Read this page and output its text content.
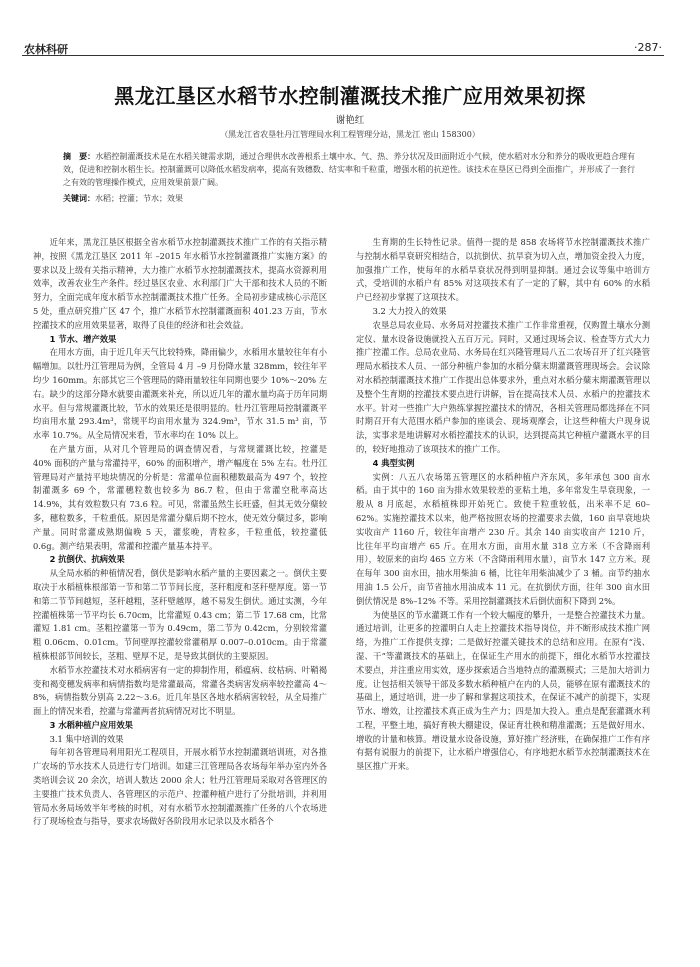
农林科研	·287·
黑龙江垦区水稻节水控制灌溉技术推广应用效果初探
谢艳红
（黑龙江省农垦牡丹江管理局水利工程管理分站，黑龙江 密山 158300）
摘　要：水稻控制灌溉技术是在水稻关键需求期，通过合理供水改善根系土壤中水、气、热、养分状况及田面附近小气候，使水稻对水分和养分的吸收更趋合理有效，促进和控制水稻生长。控制灌溉可以降低水稻发病率，提高有效穗数、结实率和千粒重，增强水稻的抗逆性。该技术在垦区已得到全面推广，并形成了一套行之有效的管理操作模式，应用效果前景广阔。
关键词：水稻；控灌；节水；效果

近年来，黑龙江垦区根据全省水稻节水控制灌溉技术推广工作的有关指示精神，按照《黑龙江垦区 2011 年 –2015 年水稻节水控制灌溉推广实施方案》的要求以及上级有关指示精神，大力推广水稻节水控制灌溉技术，提高水资源利用效率，改善农业生产条件。经过垦区农业、水利部门广大干部和技术人员的不断努力，全面完成年度水稻节水控制灌溉技术推广任务。全局初步建成核心示范区 5 处，重点研究推广区 47 个，推广水稻节水控制灌溉面积 401.23 万亩，节水控灌技术的应用效果显著，取得了良佳的经济和社会效益。

1 节水、增产效果

在用水方面，由于近几年天气比较特殊，降雨偏少，水稻用水量较往年有小幅增加。以牡丹江管理局为例，全管局 4 月 –9 月份降水量 328mm，较往年平均少 160mm。东部其它三个管理局的降雨量较往年同期也要少 10%～20% 左右。缺少的这部分降水就要由灌溉来补充，所以近几年的灌水量均高于历年同期水平。但与常规灌溉比较，节水的效果还是很明显的。牡丹江管理局控制灌溉平均亩用水量 293.4m³，常规平均亩用水量为 324.9m³，节水 31.5 m³ 亩，节水率 10.7%。从全局情况来看，节水率均在 10% 以上。

在产量方面，从对几个管理局的调查情况看，与常规灌溉比较，控灌是 40% 面积的产量与常灌持平，60% 的面积增产，增产幅度在 5% 左右。牡丹江管理局对产量持平地块情况的分析是：常灌单位面积穗数最高为 497 个，较控制灌溉多 69 个，常灌穗粒数也较多为 86.7 粒，但由于常灌空秕率高达 14.9%，其有效粒数只有 73.6 粒。可见，常灌虽然生长旺盛，但其无效分蘖较多，穗粒数多，千粒重低。原因是常灌分蘖后期不控水，使无效分蘖过多，影响产量。同时常灌成熟期偏晚 5 天，灌浆晚，青粒多，千粒重低，较控灌低 0.6g。测产结果表明，常灌和控灌产量基本持平。

2 抗倒伏、抗病效果

从全局水稻的种植情况看，倒伏是影响水稻产量的主要因素之一。倒伏主要取决于水稻植株根部第一节和第二节节间长度，茎秆粗度和茎秆壁厚度。第一节和第二节节间越短，茎秆越粗，茎秆壁越厚，越不易发生倒伏。通过实测，今年控灌植株第一节平均长 6.70cm，比常灌短 0.43 cm；第二节 17.68 cm，比常灌短 1.81 cm。茎粗控灌第一节为 0.49cm，第二节为 0.42cm，分别较常灌粗 0.06cm、0.01cm。节间壁厚控灌较常灌稍厚 0.007–0.010cm。由于常灌植株根部节间较长，茎粗、壁厚不足，是导致其倒伏的主要原因。

水稻节水控灌技术对水稻病害有一定的抑制作用，稻瘟病、纹枯病、叶鞘褐变和褐变穗发病率和病情指数均是常灌最高，常灌各类病害发病率较控灌高 4～8%，病情指数分别高 2.22～3.6。近几年垦区各地水稻病害较轻，从全局推广面上的情况来看，控灌与常灌两者抗病情况对比不明显。

3 水稻种植户应用效果
3.1 集中培训的效果

每年初各管理局利用阳光工程项目，开展水稻节水控制灌溉培训班，对各推广农场的节水技术人员进行专门培训。如建三江管理局各农场每年举办室内外各类培训会议 20 余次，培训人数达 2000 余人；牡丹江管理局采取对各管理区的主要推广技术负责人、各管理区的示范户、控灌种植户进行了分批培训，并利用管局水务局场效半年考核的时机，对有水稻节水控制灌溉推广任务的八个农场进行了现场检查与指导，要求农场做好各阶段用水记录以及水稻各个

生育期的生长特性记录。值得一提的是 858 农场将节水控制灌溉技术推广与控制水稻旱衰研究相结合，以抗倒伏、抗旱衰为切入点，增加资金投入力度，加强推广工作，使每年的水稻旱衰状况得到明显抑制。通过会议等集中培训方式，受培训的水稻户有 85% 对这项技术有了一定的了解，其中有 60% 的水稻户已经初步掌握了这项技术。

3.2 大力投入的效果

农垦总局农业局、水务局对控灌技术推广工作非常重视，仅购置土壤水分测定仪、量水设备设施就投入五百万元。同时，又通过现场会议、检查等方式大力推广控灌工作。总局农业局、水务局在红兴隆管理局八五二农场召开了红兴隆管理局水稻技术人员、一部分种植户参加的水稻分蘖末期灌溉管理现场会。会议除对水稻控制灌溉技术推广工作提出总体要求外，重点对水稻分蘖末期灌溉管理以及整个生育期的控灌技术要点进行讲解，旨在提高技术人员、水稻户的控灌技术水平。针对一些推广大户熟练掌握控灌技术的情况，各相关管理局都选择在不同时期召开有大范围水稻户参加的座谈会、现场观摩会，让这些种植大户现身说法，实事求是地讲解对水稻控灌技术的认识，达到提高其它种植户灌溉水平的目的，较好地推动了该项技术的推广工作。

4 典型实例

实例：八五八农场第五管理区的水稻种植户齐东风，多年承包 300 亩水稻。由于其中的 160 亩为排水效果较差的亚粘土地，多年常发生旱衰现象，一般从 8 月底起，水稻植株即开始死亡。致使千粒重较低，出米率不足 60–62%。实施控灌技术以来，他严格按照农场的控灌要求去做，160 亩旱衰地块实收亩产 1160 斤，较往年亩增产 230 斤。其余 140 亩实收亩产 1210 斤，比往年平均亩增产 65 斤。在用水方面，亩用水量 318 立方米（不含降雨利用），较原来的亩均 465 立方米（不含降雨利用水量），亩节水 147 立方米。现在每年 300 亩水田，抽水用柴油 6 桶，比往年用柴油减少了 3 桶。亩节约抽水用油 1.5 公斤，亩节省抽水用油成本 11 元。在抗倒伏方面，往年 300 亩水田倒伏情况是 8%–12% 不等。采用控制灌溉技术后倒伏面积下降到 2%。

为使垦区的节水灌溉工作有一个较大幅度的攀升，一是整合控灌技术力量。通过培训，让更多的控灌明白人走上控灌技术指导岗位，并不断形成技术推广网络，为推广工作提供支撑；二是做好控灌关键技术的总结和应用。在原有“浅、湿、干”等灌溉技术的基础上，在保证生产用水的前提下，细化水稻节水控灌技术要点，并注重应用实效，逐步探索适合当地特点的灌溉模式；三是加大培训力度。让包括相关领导干部及多数水稻种植户在内的人员，能够在原有灌溉技术的基础上，通过培训，进一步了解和掌握这项技术，在保证不减产的前提下，实现节水、增效，让控灌技术真正成为生产力；四是加大投入。重点是配套灌溉水利工程，平整土地，搞好育秧大棚建设，保证育壮秧和精准灌溉；五是做好用水、增收的计量和核算。增设量水设备设施，算好推广经济账，在确保推广工作有序有据有说服力的前提下，让水稻户增强信心，有序地把水稻节水控制灌溉技术在垦区推广开来。
